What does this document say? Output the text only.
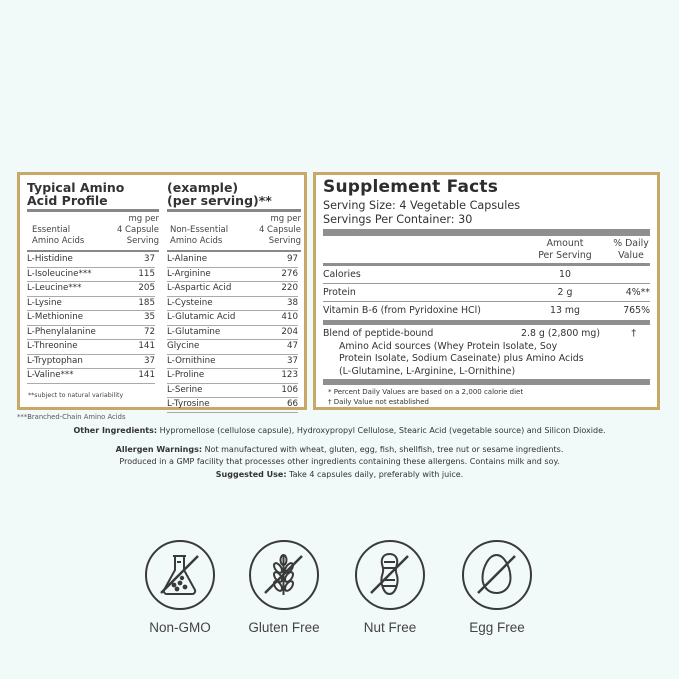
Typical Amino
Acid Profile
(example)
(per serving)**
Essential
Amino Acids
mg per
4 Capsule
Serving
Non-Essential
Amino Acids
mg per
4 Capsule
Serving
L-Histidine	37
L-Isoleucine***	115
L-Leucine***	205
L-Lysine	185
L-Methionine	35
L-Phenylalanine	72
L-Threonine	141
L-Tryptophan	37
L-Valine***	141
L-Alanine	97
L-Arginine	276
L-Aspartic Acid	220
L-Cysteine	38
L-Glutamic Acid	410
L-Glutamine	204
Glycine	47
L-Ornithine	37
L-Proline	123
L-Serine	106
L-Tyrosine	66
**subject to natural variability
Supplement Facts
Serving Size: 4 Vegetable Capsules
Servings Per Container: 30
Amount
Per Serving
% Daily
Value
Calories	10
Protein	2 g	4%**
Vitamin B-6 (from Pyridoxine HCl)	13 mg	765%
Blend of peptide-bound	2.8 g (2,800 mg)	†
Amino Acid sources (Whey Protein Isolate, Soy
Protein Isolate, Sodium Caseinate) plus Amino Acids
(L-Glutamine, L-Arginine, L-Ornithine)
* Percent Daily Values are based on a 2,000 calorie diet
† Daily Value not established
***Branched-Chain Amino Acids
Other Ingredients: Hypromellose (cellulose capsule), Hydroxypropyl Cellulose, Stearic Acid (vegetable source) and Silicon Dioxide.
Allergen Warnings: Not manufactured with wheat, gluten, egg, fish, shellfish, tree nut or sesame ingredients.
Produced in a GMP facility that processes other ingredients containing these allergens. Contains milk and soy.
Suggested Use: Take 4 capsules daily, preferably with juice.
Non-GMO	Gluten Free	Nut Free	Egg Free
